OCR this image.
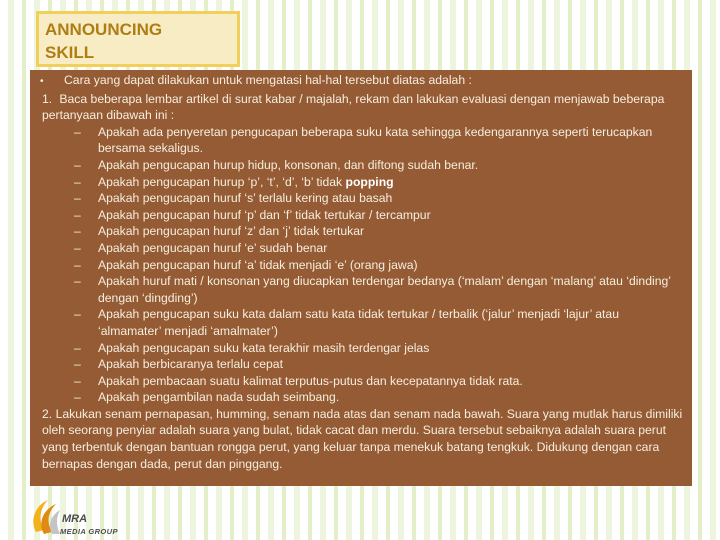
ANNOUNCING
SKILL
• Cara yang dapat dilakukan untuk mengatasi hal-hal tersebut diatas adalah :
1. Baca beberapa lembar artikel di surat kabar / majalah, rekam dan lakukan evaluasi dengan menjawab beberapa pertanyaan dibawah ini :
– Apakah ada penyeretan pengucapan beberapa suku kata sehingga kedengarannya seperti terucapkan bersama sekaligus.
– Apakah pengucapan hurup hidup, konsonan, dan diftong sudah benar.
– Apakah pengucapan hurup ‘p’, ‘t’, ‘d’, ‘b’ tidak popping
– Apakah pengucapan huruf ‘s’ terlalu kering atau basah
– Apakah pengucapan huruf ‘p’ dan ‘f’ tidak tertukar / tercampur
– Apakah pengucapan huruf ‘z’ dan ‘j’ tidak tertukar
– Apakah pengucapan huruf ‘e’ sudah benar
– Apakah pengucapan huruf ‘a’ tidak menjadi ‘e’ (orang jawa)
– Apakah huruf mati / konsonan yang diucapkan terdengar bedanya (‘malam’ dengan ‘malang’ atau ‘dinding’ dengan ‘dingding’)
– Apakah pengucapan suku kata dalam satu kata tidak tertukar / terbalik (‘jalur’ menjadi ‘lajur’ atau ‘almamater’ menjadi ‘amalmater’)
– Apakah pengucapan suku kata terakhir masih terdengar jelas
– Apakah berbicaranya terlalu cepat
– Apakah pembacaan suatu kalimat terputus-putus dan kecepatannya tidak rata.
– Apakah pengambilan nada sudah seimbang.
2. Lakukan senam pernapasan, humming, senam nada atas dan senam nada bawah. Suara yang mutlak harus dimiliki oleh seorang penyiar adalah suara yang bulat, tidak cacat dan merdu. Suara tersebut sebaiknya adalah suara perut yang terbentuk dengan bantuan rongga perut, yang keluar tanpa menekuk batang tengkuk. Didukung dengan cara bernapas dengan dada, perut dan pinggang.
MRA
MEDIA GROUP
